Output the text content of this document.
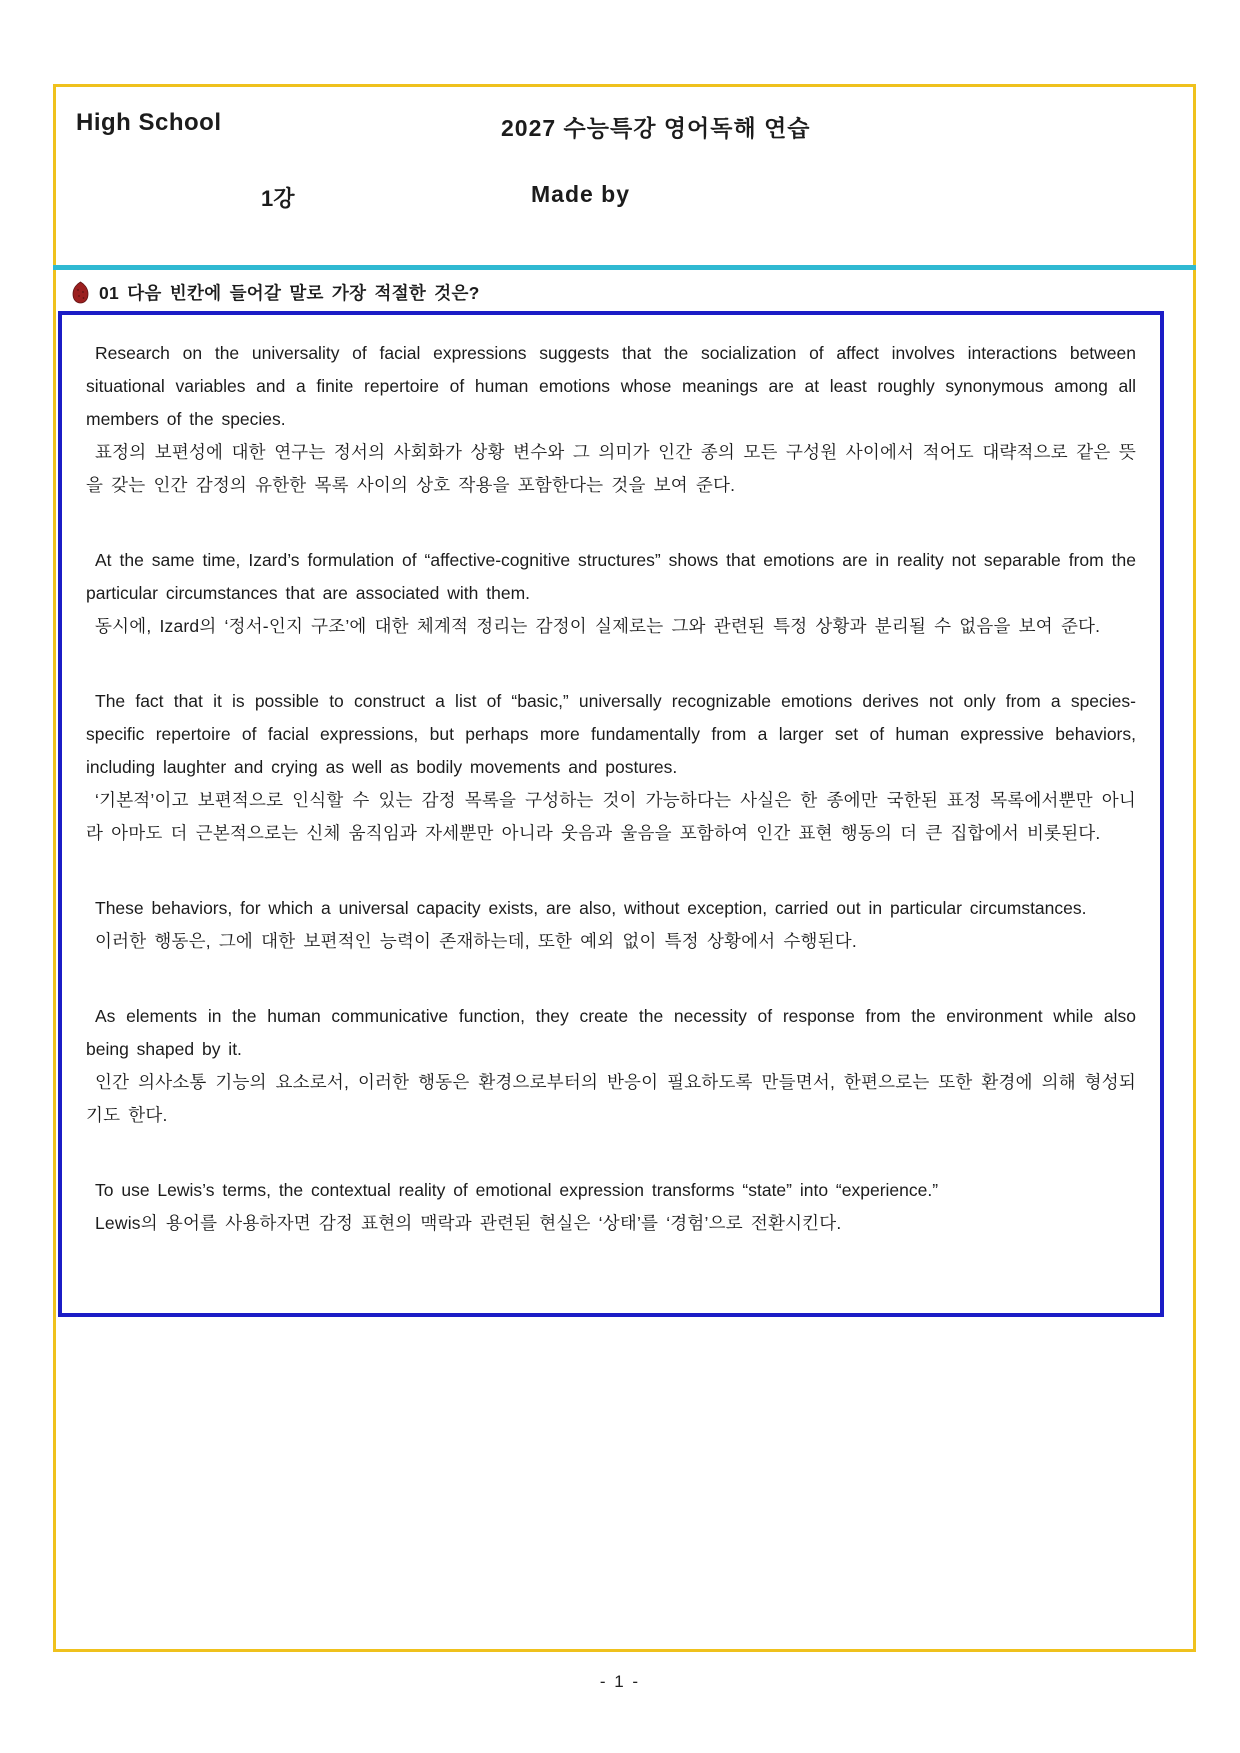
High School	2027 수능특강 영어독해 연습
1강	Made by
01 다음 빈칸에 들어갈 말로 가장 적절한 것은?

Research on the universality of facial expressions suggests that the socialization of affect involves interactions between situational variables and a finite repertoire of human emotions whose meanings are at least roughly synonymous among all members of the species.

표정의 보편성에 대한 연구는 정서의 사회화가 상황 변수와 그 의미가 인간 종의 모든 구성원 사이에서 적어도 대략적으로 같은 뜻을 갖는 인간 감정의 유한한 목록 사이의 상호 작용을 포함한다는 것을 보여 준다.

At the same time, Izard’s formulation of “affective-cognitive structures” shows that emotions are in reality not separable from the particular circumstances that are associated with them.

동시에, Izard의 ‘정서-인지 구조’에 대한 체계적 정리는 감정이 실제로는 그와 관련된 특정 상황과 분리될 수 없음을 보여 준다.

The fact that it is possible to construct a list of “basic,” universally recognizable emotions derives not only from a species-specific repertoire of facial expressions, but perhaps more fundamentally from a larger set of human expressive behaviors, including laughter and crying as well as bodily movements and postures.

‘기본적’이고 보편적으로 인식할 수 있는 감정 목록을 구성하는 것이 가능하다는 사실은 한 종에만 국한된 표정 목록에서뿐만 아니라 아마도 더 근본적으로는 신체 움직임과 자세뿐만 아니라 웃음과 울음을 포함하여 인간 표현 행동의 더 큰 집합에서 비롯된다.

These behaviors, for which a universal capacity exists, are also, without exception, carried out in particular circumstances.

이러한 행동은, 그에 대한 보편적인 능력이 존재하는데, 또한 예외 없이 특정 상황에서 수행된다.

As elements in the human communicative function, they create the necessity of response from the environment while also being shaped by it.

인간 의사소통 기능의 요소로서, 이러한 행동은 환경으로부터의 반응이 필요하도록 만들면서, 한편으로는 또한 환경에 의해 형성되기도 한다.

To use Lewis’s terms, the contextual reality of emotional expression transforms “state” into “experience.”

Lewis의 용어를 사용하자면 감정 표현의 맥락과 관련된 현실은 ‘상태’를 ‘경험’으로 전환시킨다.

- 1 -
